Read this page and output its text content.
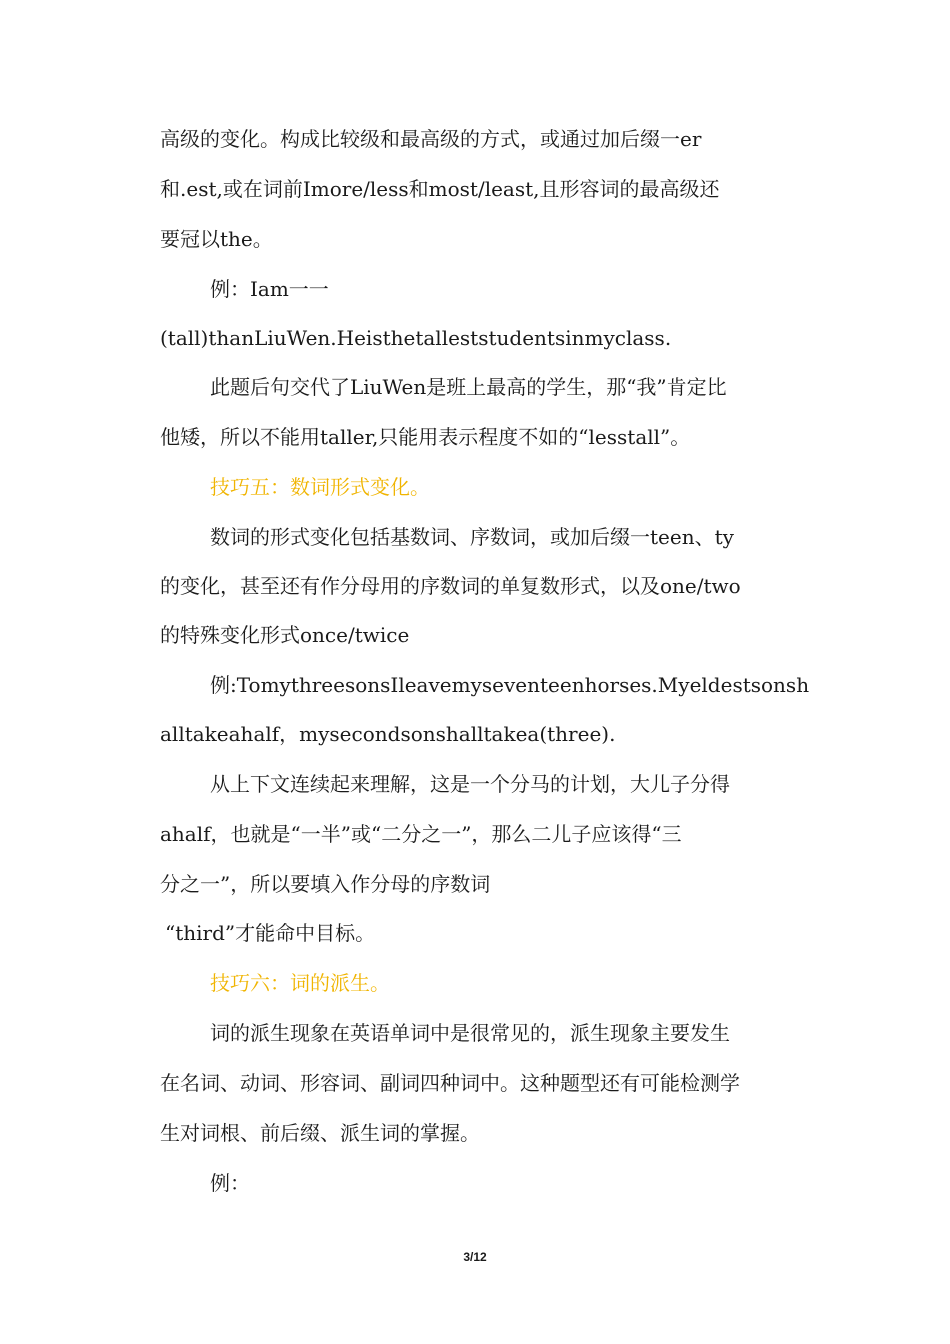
高级的变化。构成比较级和最高级的方式，或通过加后缀一er
和.est,或在词前Imore/less和most/least,且形容词的最高级还
要冠以the。
例：Iam一一
(tall)thanLiuWen.Heisthetalleststudentsinmyclass.
此题后句交代了LiuWen是班上最高的学生，那“我”肯定比
他矮，所以不能用taller,只能用表示程度不如的“lesstall”。
技巧五：数词形式变化。
数词的形式变化包括基数词、序数词，或加后缀一teen、ty
的变化，甚至还有作分母用的序数词的单复数形式，以及one/two
的特殊变化形式once/twice
例:TomythreesonsIleavemyseventeenhorses.Myeldestsonsh
alltakeahalf，mysecondsonshalltakea(three).
从上下文连续起来理解，这是一个分马的计划，大儿子分得
ahalf，也就是“一半”或“二分之一”，那么二儿子应该得“三
分之一”，所以要填入作分母的序数词
“third”才能命中目标。
技巧六：词的派生。
词的派生现象在英语单词中是很常见的，派生现象主要发生
在名词、动词、形容词、副词四种词中。这种题型还有可能检测学
生对词根、前后缀、派生词的掌握。
例：
3/12
